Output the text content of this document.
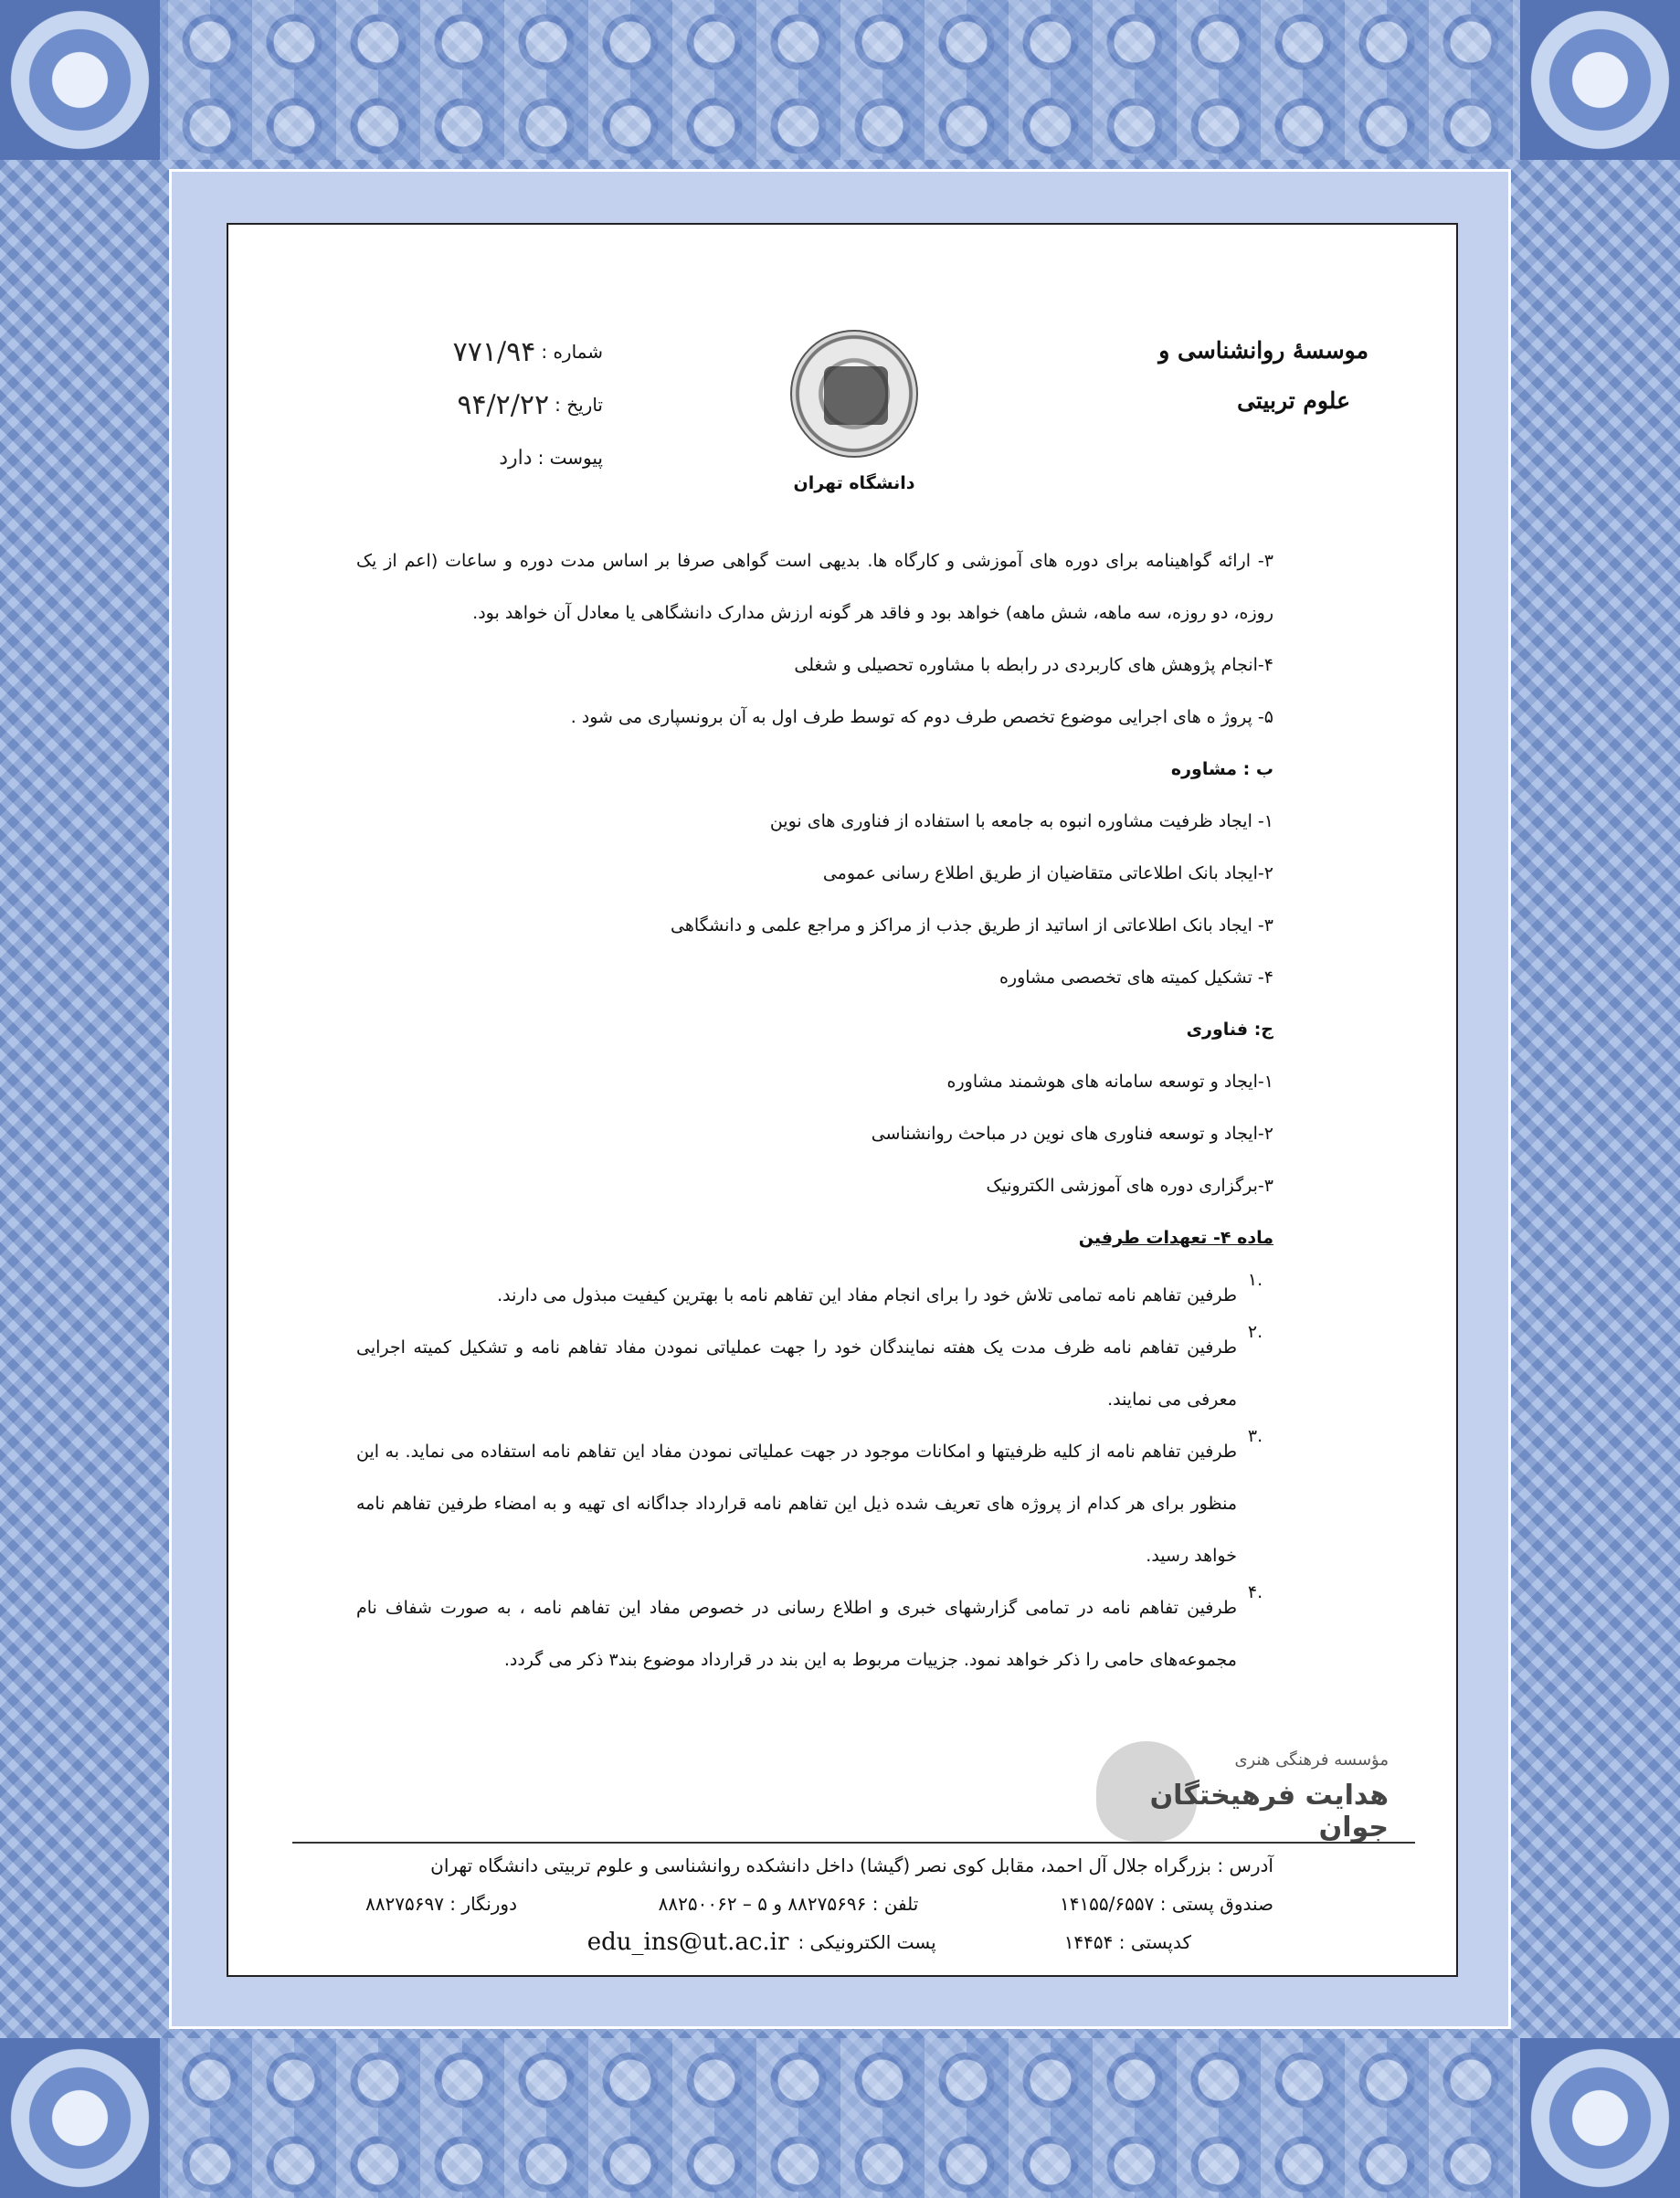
موسسهٔ روانشناسی و
علوم تربیتی
دانشگاه تهران
شماره :
۷۷۱/۹۴
تاریخ :
۹۴/۲/۲۲
پیوست :
دارد

۳- ارائه گواهینامه برای دوره های آموزشی و کارگاه ها. بدیهی است گواهی صرفا بر اساس مدت دوره و ساعات (اعم از یک روزه، دو روزه، سه ماهه، شش ماهه) خواهد بود و فاقد هر گونه ارزش مدارک دانشگاهی یا معادل آن خواهد بود.

۴-انجام پژوهش های کاربردی در رابطه با مشاوره تحصیلی و شغلی

۵- پروژ ه های اجرایی موضوع تخصص طرف دوم که توسط طرف اول به آن برونسپاری می شود .

ب : مشاوره

۱- ایجاد ظرفیت مشاوره انبوه به جامعه با استفاده از فناوری های نوین

۲-ایجاد بانک اطلاعاتی متقاضیان از طریق اطلاع رسانی عمومی

۳- ایجاد بانک اطلاعاتی از اساتید از طریق جذب از مراکز و مراجع علمی و دانشگاهی

۴- تشکیل کمیته های تخصصی مشاوره

ج: فناوری

۱-ایجاد و توسعه سامانه های هوشمند مشاوره

۲-ایجاد و توسعه فناوری های نوین در مباحث روانشناسی

۳-برگزاری دوره های آموزشی الکترونیک

ماده ۴- تعهدات طرفین

.۱
طرفین تفاهم نامه تمامی تلاش خود را برای انجام مفاد این تفاهم نامه با بهترین کیفیت مبذول می دارند.
.۲
طرفین تفاهم نامه ظرف مدت یک هفته نمایندگان خود را جهت عملیاتی نمودن مفاد تفاهم نامه و تشکیل کمیته اجرایی معرفی می نمایند.
.۳
طرفین تفاهم نامه از کلیه ظرفیتها و امکانات موجود در جهت عملیاتی نمودن مفاد این تفاهم نامه استفاده می نماید. به این منظور برای هر کدام از پروژه های تعریف شده ذیل این تفاهم نامه قرارداد جداگانه ای تهیه و به امضاء طرفین تفاهم نامه خواهد رسید.
.۴
طرفین تفاهم نامه در تمامی گزارشهای خبری و اطلاع رسانی در خصوص مفاد این تفاهم نامه ، به صورت شفاف نام مجموعه‌های حامی را ذکر خواهد نمود. جزییات مربوط به این بند در قرارداد موضوع بند۳ ذکر می گردد.
مؤسسه فرهنگی هنری
هدایت فرهیختگان جوان
آدرس : بزرگراه جلال آل احمد، مقابل کوی نصر (گیشا) داخل دانشکده روانشناسی و علوم تربیتی دانشگاه تهران
صندوق پستی : ۱۴۱۵۵/۶۵۵۷
تلفن : ۸۸۲۷۵۶۹۶ و ۵ – ۸۸۲۵۰۰۶۲
دورنگار : ۸۸۲۷۵۶۹۷
کدپستی : ۱۴۴۵۴
پست الکترونیکی :
edu_ins@ut.ac.ir
